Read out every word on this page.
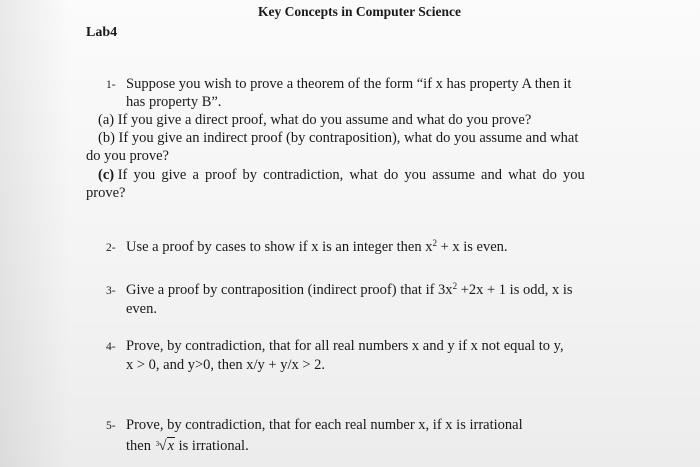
Key Concepts in Computer Science
Lab4
1- Suppose you wish to prove a theorem of the form “if x has property A then it
has property B”.
(a) If you give a direct proof, what do you assume and what do you prove?
(b) If you give an indirect proof (by contraposition), what do you assume and what
do you prove?
(c) If you give a proof by contradiction, what do you assume and what do you
prove?
2- Use a proof by cases to show if x is an integer then $x^2 + x$ is even.
3- Give a proof by contraposition (indirect proof) that if $3x^2 +2x + 1$ is odd, x is
even.
4- Prove, by contradiction, that for all real numbers x and y if x not equal to y,
x > 0, and y>0, then x/y + y/x > 2.
5- Prove, by contradiction, that for each real number x, if x is irrational
then 3 √x is irrational.
